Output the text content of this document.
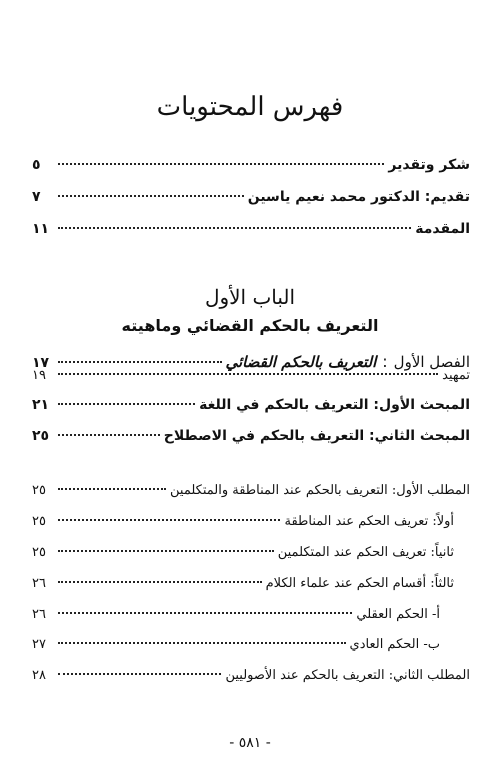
فهرس المحتويات
شكر وتقدير
٥
تقديم: الدكتور محمد نعيم ياسين
٧
المقدمة
١١
الباب الأول
التعريف بالحكم القضائي وماهيته
الفصل الأول:التعريف بالحكم القضائي
١٧
تمهيد
١٩
المبحث الأول: التعريف بالحكم في اللغة
٢١
المبحث الثاني: التعريف بالحكم في الاصطلاح
٢٥
المطلب الأول: التعريف بالحكم عند المناطقة والمتكلمين
٢٥
أولاً: تعريف الحكم عند المناطقة
٢٥
ثانياً: تعريف الحكم عند المتكلمين
٢٥
ثالثاً: أقسام الحكم عند علماء الكلام
٢٦
أ- الحكم العقلي
٢٦
ب- الحكم العادي
٢٧
المطلب الثاني: التعريف بالحكم عند الأصوليين
٢٨
- ٥٨١ -
